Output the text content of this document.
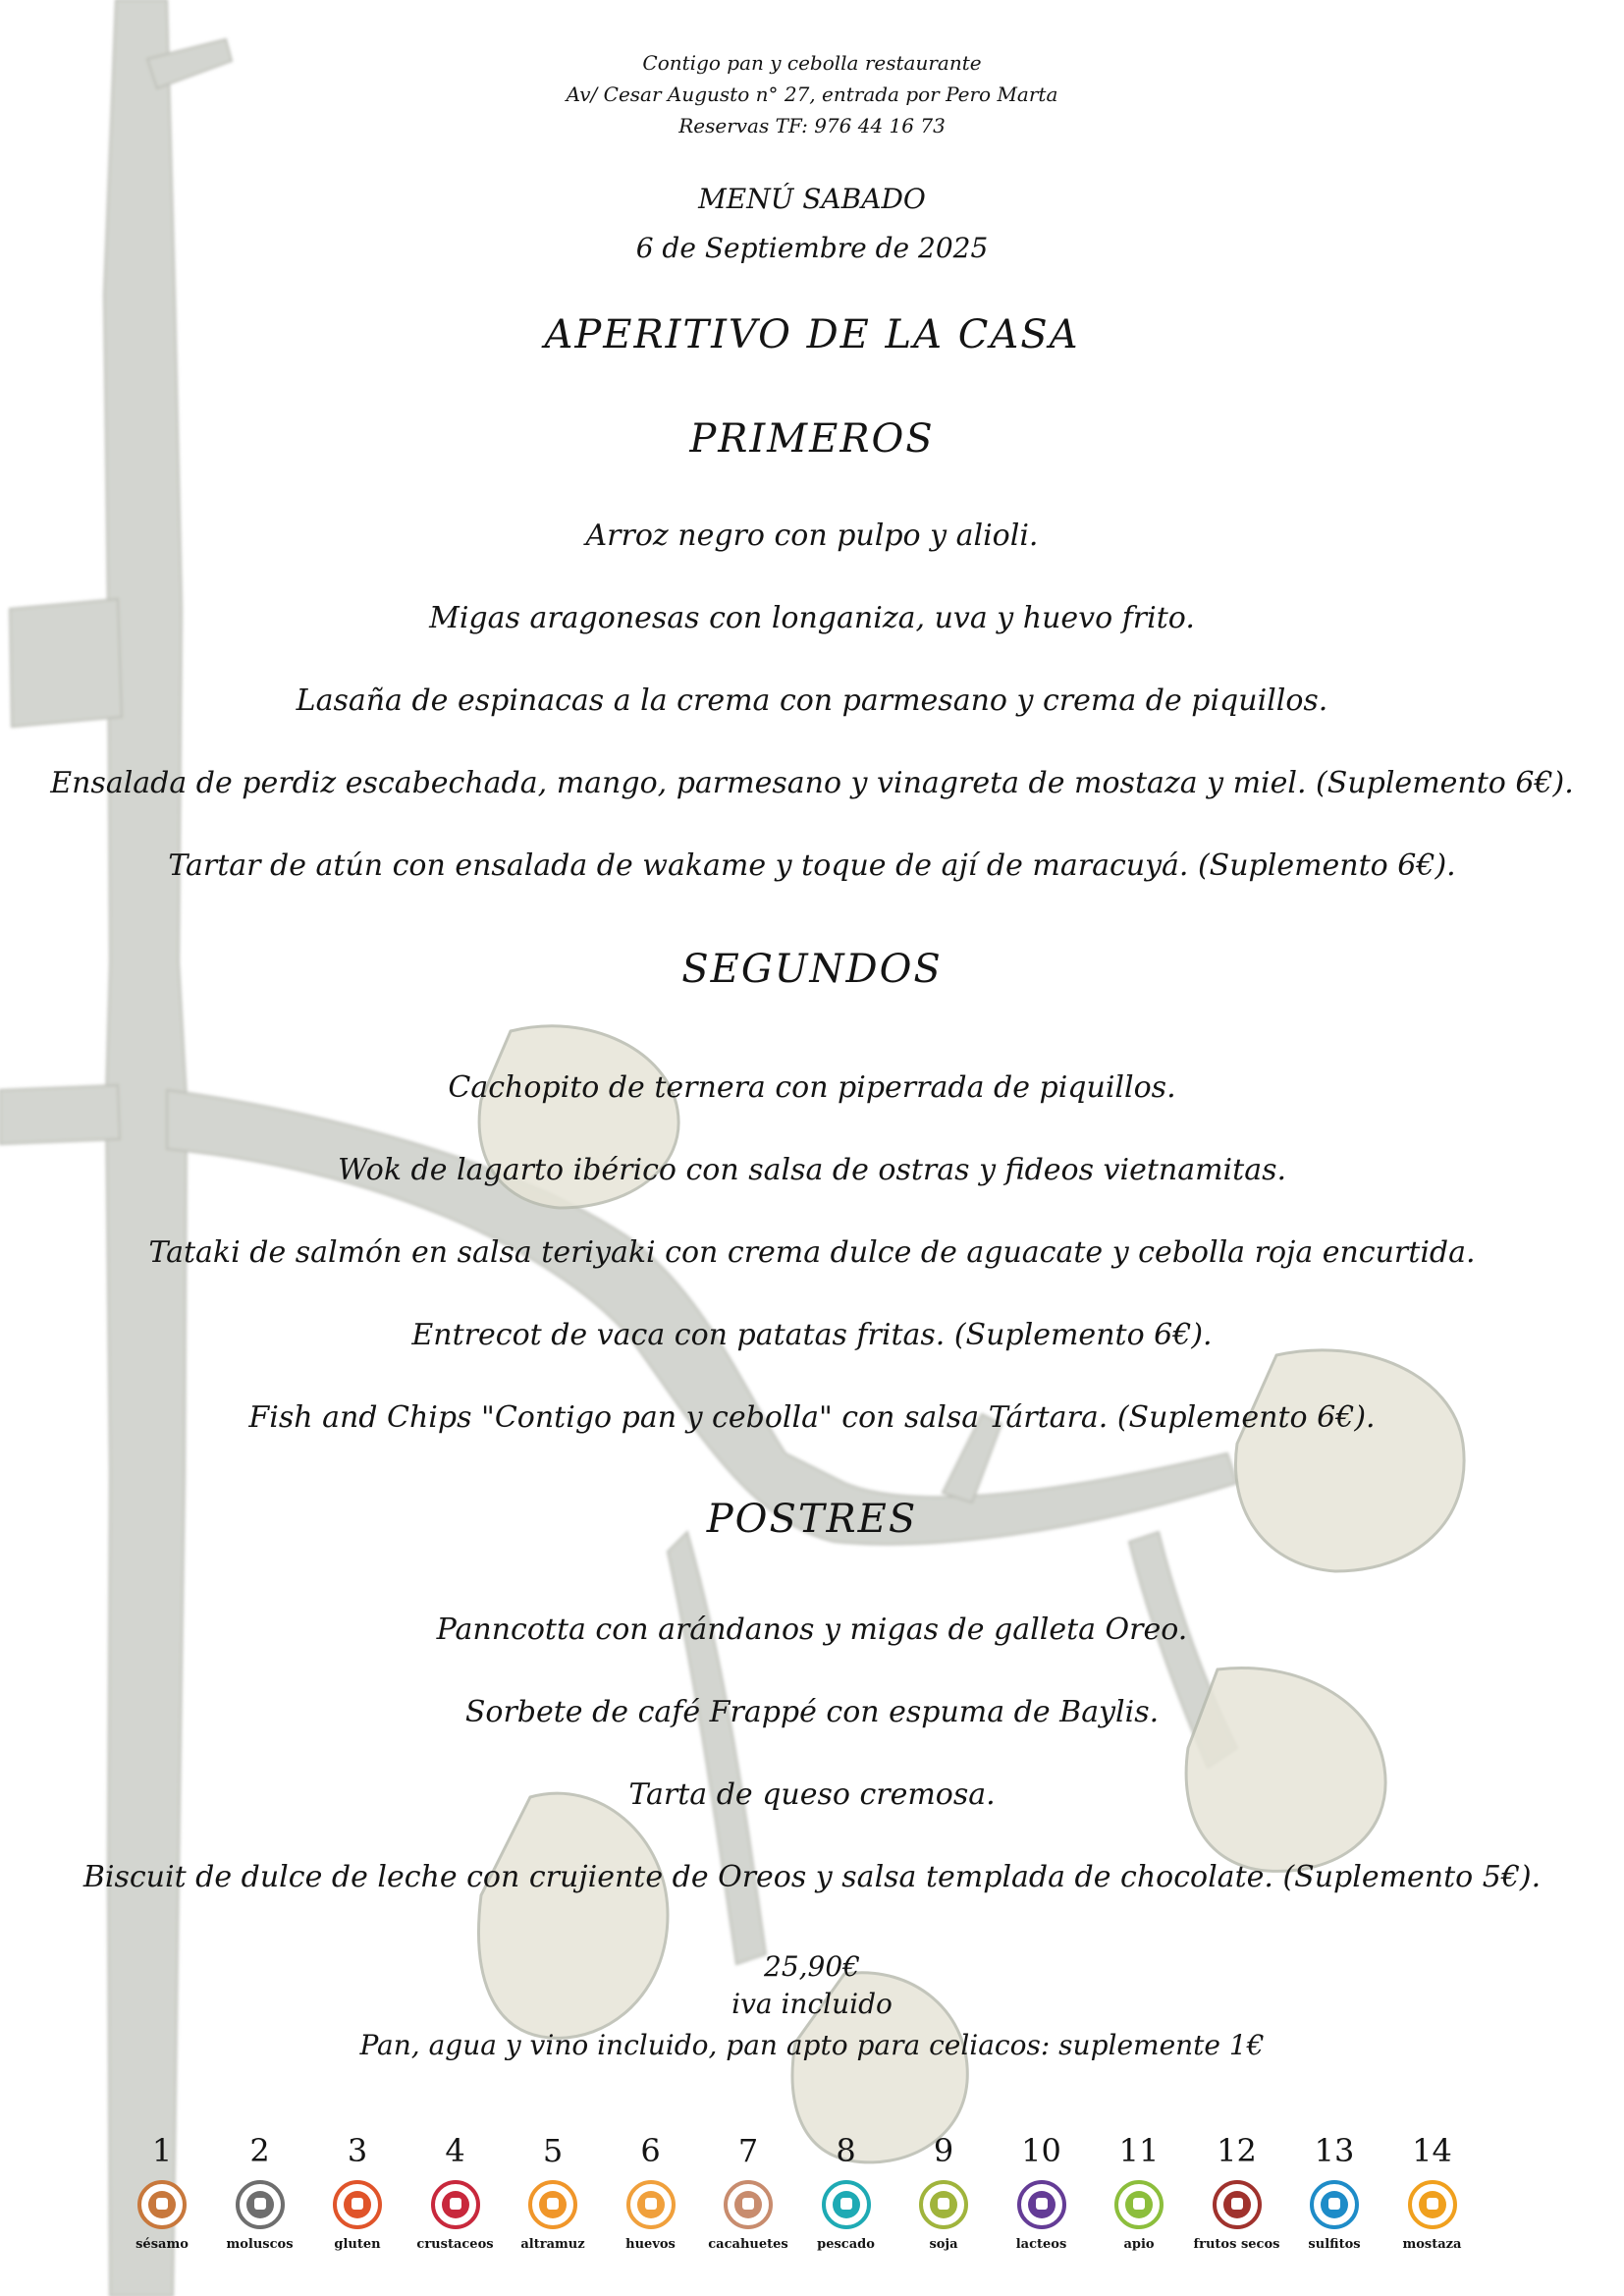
Contigo pan y cebolla restaurante
Av/ Cesar Augusto n° 27, entrada por Pero Marta
Reservas TF: 976 44 16 73
MENÚ SABADO
6 de Septiembre de 2025
APERITIVO DE LA CASA
PRIMEROS
Arroz negro con pulpo y alioli.
Migas aragonesas con longaniza, uva y huevo frito.
Lasaña de espinacas a la crema con parmesano y crema de piquillos.
Ensalada de perdiz escabechada, mango, parmesano y vinagreta de mostaza y miel. (Suplemento 6€).
Tartar de atún con ensalada de wakame y toque de ají de maracuyá. (Suplemento 6€).
SEGUNDOS
Cachopito de ternera con piperrada de piquillos.
Wok de lagarto ibérico con salsa de ostras y fideos vietnamitas.
Tataki de salmón en salsa teriyaki con crema dulce de aguacate y cebolla roja encurtida.
Entrecot de vaca con patatas fritas. (Suplemento 6€).
Fish and Chips "Contigo pan y cebolla" con salsa Tártara. (Suplemento 6€).
POSTRES
Panncotta con arándanos y migas de galleta Oreo.
Sorbete de café Frappé con espuma de Baylis.
Tarta de queso cremosa.
Biscuit de dulce de leche con crujiente de Oreos y salsa templada de chocolate. (Suplemento 5€).
25,90€
iva incluido
Pan, agua y vino incluido, pan apto para celiacos: suplemente 1€
1
sésamo
2
moluscos
3
gluten
4
crustaceos
5
altramuz
6
huevos
7
cacahuetes
8
pescado
9
soja
10
lacteos
11
apio
12
frutos secos
13
sulfitos
14
mostaza
